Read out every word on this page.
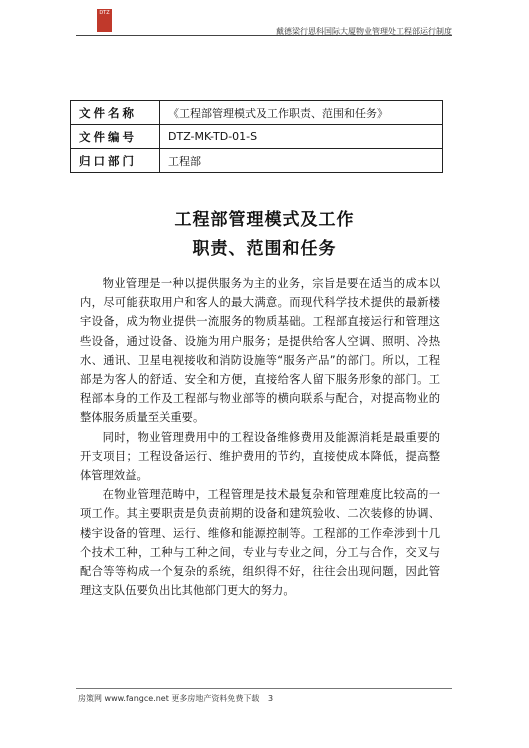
DTZ
戴德梁行恩科国际大厦物业管理处工程部运行制度
文件名称	《工程部管理模式及工作职责、范围和任务》
文件编号	DTZ-MK-TD-01-S
归口部门	工程部
工程部管理模式及工作
职责、范围和任务

物业管理是一种以提供服务为主的业务，宗旨是要在适当的成本以内，尽可能获取用户和客人的最大满意。而现代科学技术提供的最新楼宇设备，成为物业提供一流服务的物质基础。工程部直接运行和管理这些设备，通过设备、设施为用户服务；是提供给客人空调、照明、冷热水、通讯、卫星电视接收和消防设施等“服务产品”的部门。所以，工程部是为客人的舒适、安全和方便，直接给客人留下服务形象的部门。工程部本身的工作及工程部与物业部等的横向联系与配合，对提高物业的整体服务质量至关重要。

同时，物业管理费用中的工程设备维修费用及能源消耗是最重要的开支项目；工程设备运行、维护费用的节约，直接使成本降低，提高整体管理效益。

在物业管理范畴中，工程管理是技术最复杂和管理难度比较高的一项工作。其主要职责是负责前期的设备和建筑验收、二次装修的协调、楼宇设备的管理、运行、维修和能源控制等。工程部的工作牵涉到十几个技术工种，工种与工种之间，专业与专业之间，分工与合作，交叉与配合等等构成一个复杂的系统，组织得不好，往往会出现问题，因此管理这支队伍要负出比其他部门更大的努力。

房策网 www.fangce.net 更多房地产资料免费下载 3
